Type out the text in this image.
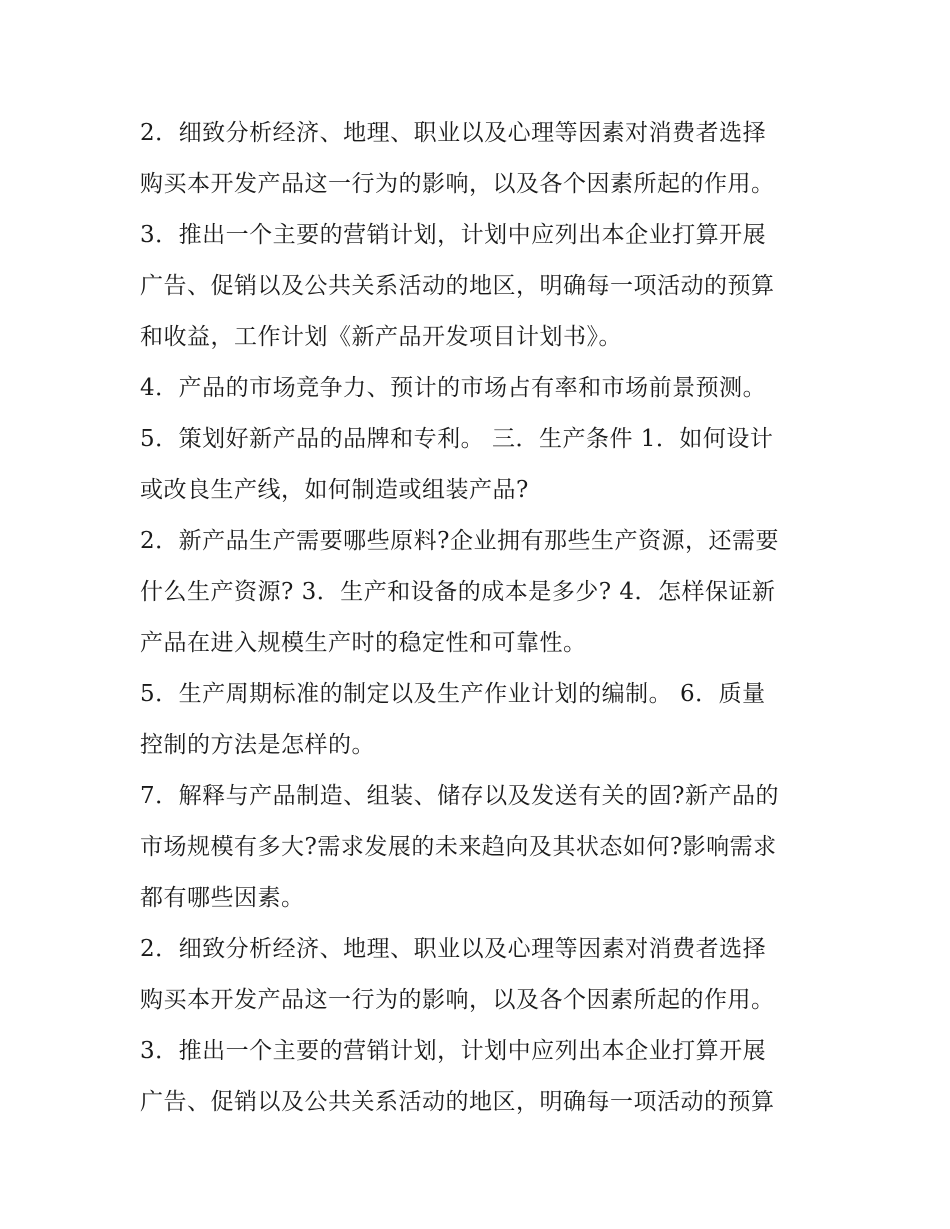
2．细致分析经济、地理、职业以及心理等因素对消费者选择
购买本开发产品这一行为的影响，以及各个因素所起的作用。
3．推出一个主要的营销计划，计划中应列出本企业打算开展
广告、促销以及公共关系活动的地区，明确每一项活动的预算
和收益，工作计划《新产品开发项目计划书》。
4．产品的市场竞争力、预计的市场占有率和市场前景预测。
5．策划好新产品的品牌和专利。 三．生产条件 1．如何设计
或改良生产线，如何制造或组装产品?
2．新产品生产需要哪些原料?企业拥有那些生产资源，还需要
什么生产资源? 3．生产和设备的成本是多少? 4．怎样保证新
产品在进入规模生产时的稳定性和可靠性。
5．生产周期标准的制定以及生产作业计划的编制。 6．质量
控制的方法是怎样的。
7．解释与产品制造、组装、储存以及发送有关的固?新产品的
市场规模有多大?需求发展的未来趋向及其状态如何?影响需求
都有哪些因素。
2．细致分析经济、地理、职业以及心理等因素对消费者选择
购买本开发产品这一行为的影响，以及各个因素所起的作用。
3．推出一个主要的营销计划，计划中应列出本企业打算开展
广告、促销以及公共关系活动的地区，明确每一项活动的预算
